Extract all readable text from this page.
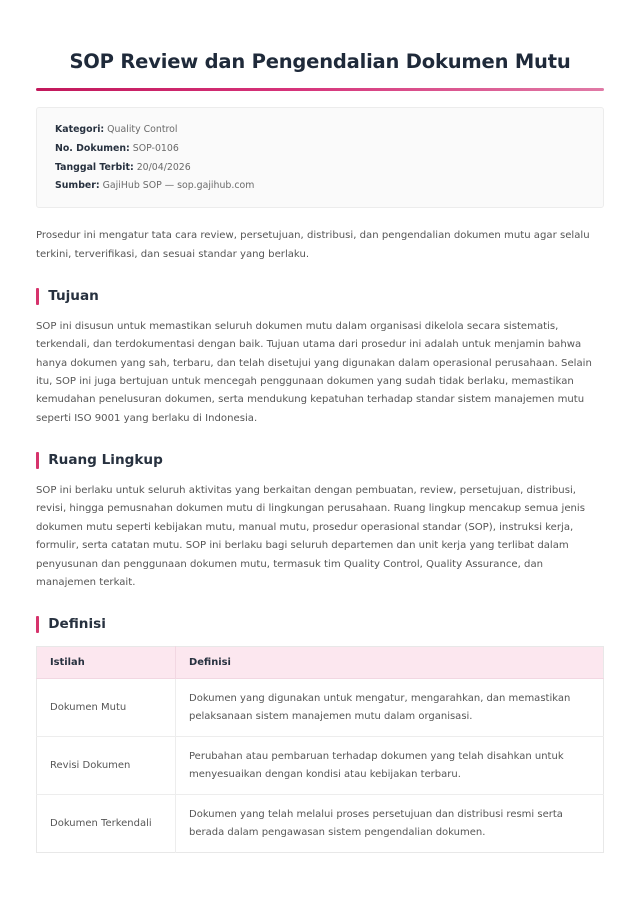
SOP Review dan Pengendalian Dokumen Mutu
Kategori: Quality Control
No. Dokumen: SOP-0106
Tanggal Terbit: 20/04/2026
Sumber: GajiHub SOP — sop.gajihub.com

Prosedur ini mengatur tata cara review, persetujuan, distribusi, dan pengendalian dokumen mutu agar selalu terkini, terverifikasi, dan sesuai standar yang berlaku.

Tujuan

SOP ini disusun untuk memastikan seluruh dokumen mutu dalam organisasi dikelola secara sistematis, terkendali, dan terdokumentasi dengan baik. Tujuan utama dari prosedur ini adalah untuk menjamin bahwa hanya dokumen yang sah, terbaru, dan telah disetujui yang digunakan dalam operasional perusahaan. Selain itu, SOP ini juga bertujuan untuk mencegah penggunaan dokumen yang sudah tidak berlaku, memastikan kemudahan penelusuran dokumen, serta mendukung kepatuhan terhadap standar sistem manajemen mutu seperti ISO 9001 yang berlaku di Indonesia.

Ruang Lingkup

SOP ini berlaku untuk seluruh aktivitas yang berkaitan dengan pembuatan, review, persetujuan, distribusi, revisi, hingga pemusnahan dokumen mutu di lingkungan perusahaan. Ruang lingkup mencakup semua jenis dokumen mutu seperti kebijakan mutu, manual mutu, prosedur operasional standar (SOP), instruksi kerja, formulir, serta catatan mutu. SOP ini berlaku bagi seluruh departemen dan unit kerja yang terlibat dalam penyusunan dan penggunaan dokumen mutu, termasuk tim Quality Control, Quality Assurance, dan manajemen terkait.

Definisi
Istilah	Definisi
Dokumen Mutu	Dokumen yang digunakan untuk mengatur, mengarahkan, dan memastikan pelaksanaan sistem manajemen mutu dalam organisasi.
Revisi Dokumen	Perubahan atau pembaruan terhadap dokumen yang telah disahkan untuk menyesuaikan dengan kondisi atau kebijakan terbaru.
Dokumen Terkendali	Dokumen yang telah melalui proses persetujuan dan distribusi resmi serta berada dalam pengawasan sistem pengendalian dokumen.
